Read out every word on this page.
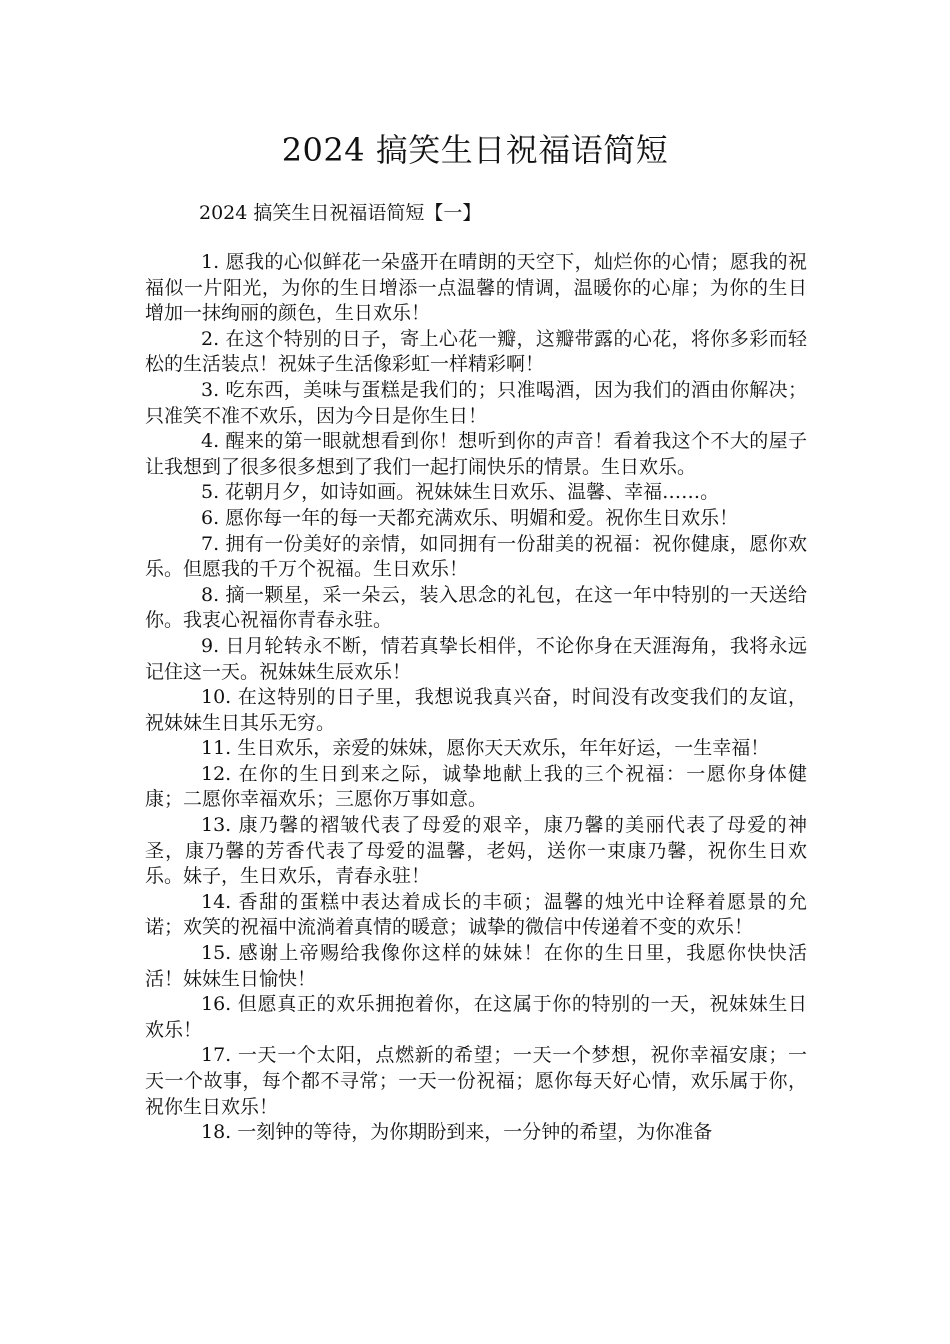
2024 搞笑生日祝福语简短
2024 搞笑生日祝福语简短【一】

1. 愿我的心似鲜花一朵盛开在晴朗的天空下，灿烂你的心情；愿我的祝福似一片阳光，为你的生日增添一点温馨的情调，温暖你的心扉；为你的生日增加一抹绚丽的颜色，生日欢乐！

2. 在这个特别的日子，寄上心花一瓣，这瓣带露的心花，将你多彩而轻松的生活装点！祝妹子生活像彩虹一样精彩啊！

3. 吃东西，美味与蛋糕是我们的；只准喝酒，因为我们的酒由你解决；只准笑不准不欢乐，因为今日是你生日！

4. 醒来的第一眼就想看到你！想听到你的声音！看着我这个不大的屋子让我想到了很多很多想到了我们一起打闹快乐的情景。生日欢乐。

5. 花朝月夕，如诗如画。祝妹妹生日欢乐、温馨、幸福……。

6. 愿你每一年的每一天都充满欢乐、明媚和爱。祝你生日欢乐！

7. 拥有一份美好的亲情，如同拥有一份甜美的祝福：祝你健康，愿你欢乐。但愿我的千万个祝福。生日欢乐！

8. 摘一颗星，采一朵云，装入思念的礼包，在这一年中特别的一天送给你。我衷心祝福你青春永驻。

9. 日月轮转永不断，情若真挚长相伴，不论你身在天涯海角，我将永远记住这一天。祝妹妹生辰欢乐！

10. 在这特别的日子里，我想说我真兴奋，时间没有改变我们的友谊，祝妹妹生日其乐无穷。

11. 生日欢乐，亲爱的妹妹，愿你天天欢乐，年年好运，一生幸福！

12. 在你的生日到来之际，诚挚地献上我的三个祝福：一愿你身体健康；二愿你幸福欢乐；三愿你万事如意。

13. 康乃馨的褶皱代表了母爱的艰辛，康乃馨的美丽代表了母爱的神圣，康乃馨的芳香代表了母爱的温馨，老妈，送你一束康乃馨，祝你生日欢乐。妹子，生日欢乐，青春永驻！

14. 香甜的蛋糕中表达着成长的丰硕；温馨的烛光中诠释着愿景的允诺；欢笑的祝福中流淌着真情的暖意；诚挚的微信中传递着不变的欢乐！

15. 感谢上帝赐给我像你这样的妹妹！在你的生日里，我愿你快快活活！妹妹生日愉快！

16. 但愿真正的欢乐拥抱着你，在这属于你的特别的一天，祝妹妹生日欢乐！

17. 一天一个太阳，点燃新的希望；一天一个梦想，祝你幸福安康；一天一个故事，每个都不寻常；一天一份祝福；愿你每天好心情，欢乐属于你，祝你生日欢乐！

18. 一刻钟的等待，为你期盼到来，一分钟的希望，为你准备
